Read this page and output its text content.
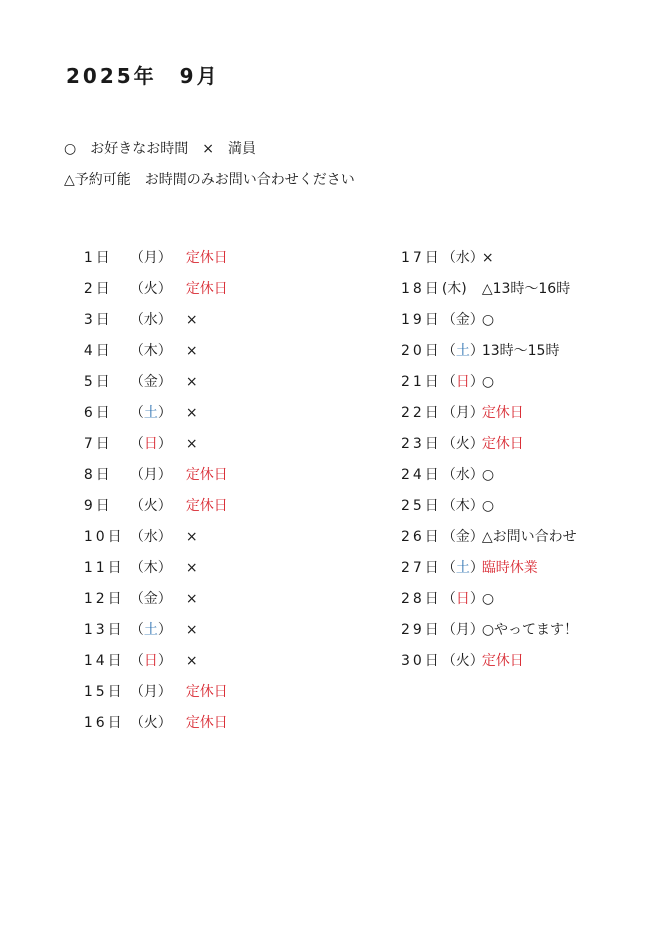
2025年　9月
○　お好きなお時間　×　満員
△予約可能　お時間のみお問い合わせください

1日 （月） 定休日

2日 （火） 定休日

3日 （水） ×

4日 （木） ×

5日 （金） ×

6日 （土） ×

7日 （日） ×

8日 （月） 定休日

9日 （火） 定休日

10日 （水） ×

11日 （木） ×

12日 （金） ×

13日 （土） ×

14日 （日） ×

15日 （月） 定休日

16日 （火） 定休日

17日（水）×

18日(木) △13時～16時

19日（金）○

20日（土）13時～15時

21日（日）○

22日（月）定休日

23日（火）定休日

24日（水）○

25日（木）○

26日（金）△お問い合わせ

27日（土）臨時休業

28日（日）○

29日（月）○やってます！

30日（火）定休日
